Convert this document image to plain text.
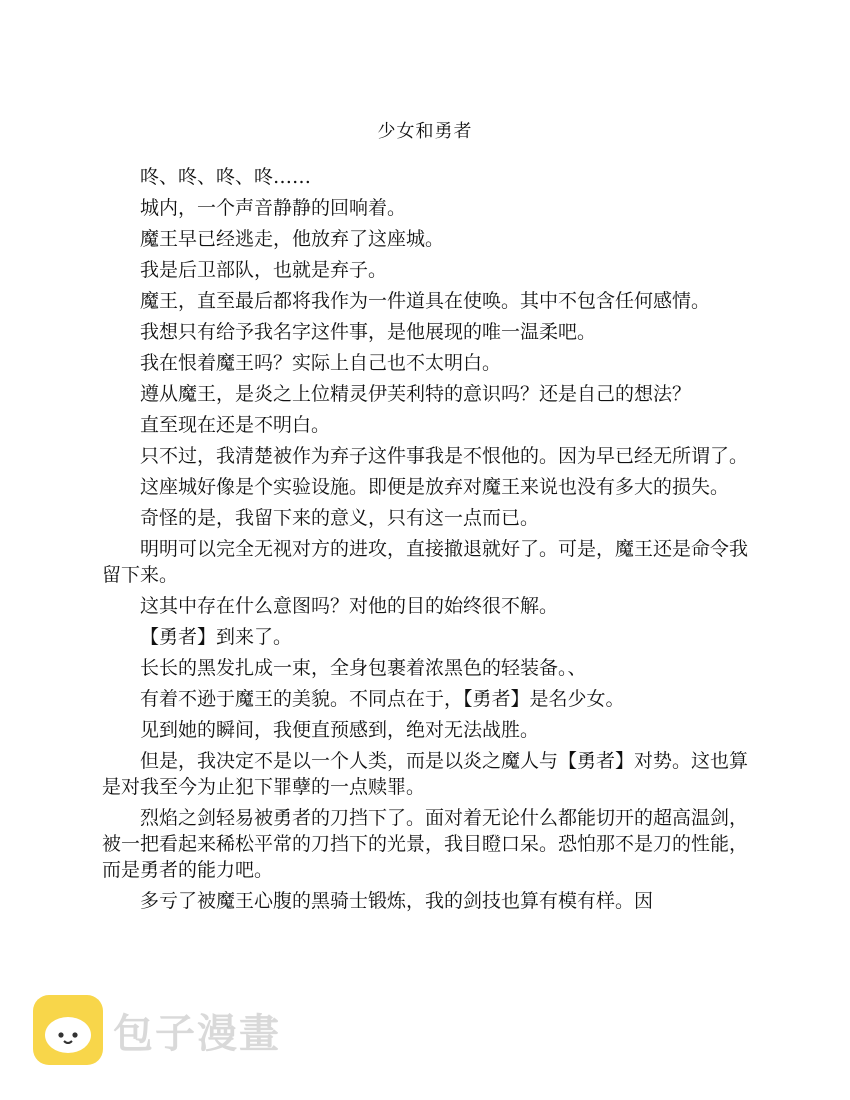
少女和勇者

咚、咚、咚、咚……

城内，一个声音静静的回响着。

魔王早已经逃走，他放弃了这座城。

我是后卫部队，也就是弃子。

魔王，直至最后都将我作为一件道具在使唤。其中不包含任何感情。

我想只有给予我名字这件事，是他展现的唯一温柔吧。

我在恨着魔王吗？实际上自己也不太明白。

遵从魔王，是炎之上位精灵伊芙利特的意识吗？还是自己的想法？

直至现在还是不明白。

只不过，我清楚被作为弃子这件事我是不恨他的。因为早已经无所谓了。

这座城好像是个实验设施。即便是放弃对魔王来说也没有多大的损失。

奇怪的是，我留下来的意义，只有这一点而已。

明明可以完全无视对方的进攻，直接撤退就好了。可是，魔王还是命令我留下来。

这其中存在什么意图吗？对他的目的始终很不解。

【勇者】到来了。

长长的黑发扎成一束，全身包裹着浓黑色的轻装备。、

有着不逊于魔王的美貌。不同点在于，【勇者】是名少女。

见到她的瞬间，我便直预感到，绝对无法战胜。

但是，我决定不是以一个人类，而是以炎之魔人与【勇者】对势。这也算是对我至今为止犯下罪孽的一点赎罪。

烈焰之剑轻易被勇者的刀挡下了。面对着无论什么都能切开的超高温剑，被一把看起来稀松平常的刀挡下的光景，我目瞪口呆。恐怕那不是刀的性能，而是勇者的能力吧。

多亏了被魔王心腹的黑骑士锻炼，我的剑技也算有模有样。因

包子漫畫
